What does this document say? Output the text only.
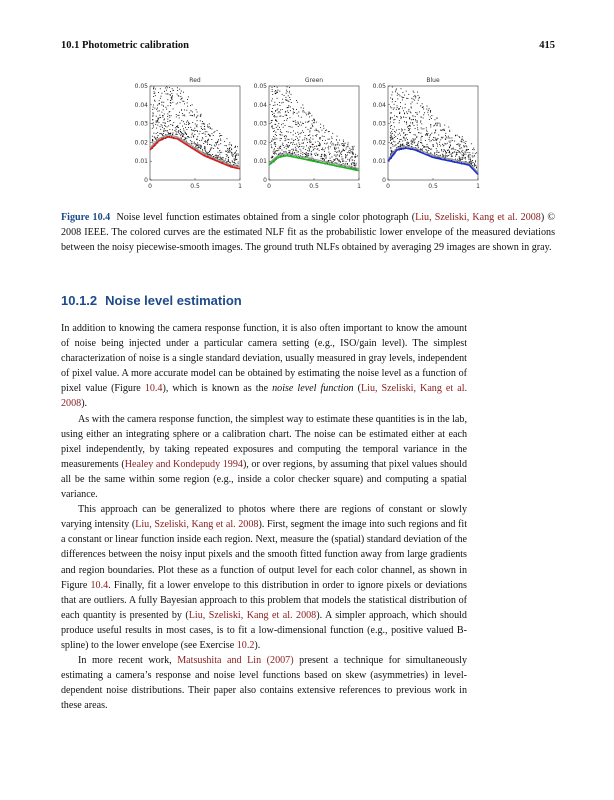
10.1 Photometric calibration	415
Red
0
0.01
0.02
0.03
0.04
0.05
0	0.5	1
Green
0
0.01
0.02
0.03
0.04
0.05
0	0.5	1
Blue
0
0.01
0.02
0.03
0.04
0.05
0	0.5	1
Figure 10.4 Noise level function estimates obtained from a single color photograph (Liu, Szeliski, Kang et al. 2008) © 2008 IEEE. The colored curves are the estimated NLF fit as the probabilistic lower envelope of the measured deviations between the noisy piecewise-smooth images. The ground truth NLFs obtained by averaging 29 images are shown in gray.
10.1.2 Noise level estimation

In addition to knowing the camera response function, it is also often important to know the amount of noise being injected under a particular camera setting (e.g., ISO/gain level). The simplest characterization of noise is a single standard deviation, usually measured in gray levels, independent of pixel value. A more accurate model can be obtained by estimating the noise level as a function of pixel value (Figure 10.4), which is known as the noise level function (Liu, Szeliski, Kang et al. 2008).

As with the camera response function, the simplest way to estimate these quantities is in the lab, using either an integrating sphere or a calibration chart. The noise can be estimated either at each pixel independently, by taking repeated exposures and computing the temporal variance in the measurements (Healey and Kondepudy 1994), or over regions, by assuming that pixel values should all be the same within some region (e.g., inside a color checker square) and computing a spatial variance.

This approach can be generalized to photos where there are regions of constant or slowly varying intensity (Liu, Szeliski, Kang et al. 2008). First, segment the image into such regions and fit a constant or linear function inside each region. Next, measure the (spatial) standard deviation of the differences between the noisy input pixels and the smooth fitted function away from large gradients and region boundaries. Plot these as a function of output level for each color channel, as shown in Figure 10.4. Finally, fit a lower envelope to this distribution in order to ignore pixels or deviations that are outliers. A fully Bayesian approach to this problem that models the statistical distribution of each quantity is presented by (Liu, Szeliski, Kang et al. 2008). A simpler approach, which should produce useful results in most cases, is to fit a low-dimensional function (e.g., positive valued B-spline) to the lower envelope (see Exercise 10.2).

In more recent work, Matsushita and Lin (2007) present a technique for simultaneously estimating a camera’s response and noise level functions based on skew (asymmetries) in level-dependent noise distributions. Their paper also contains extensive references to previous work in these areas.
